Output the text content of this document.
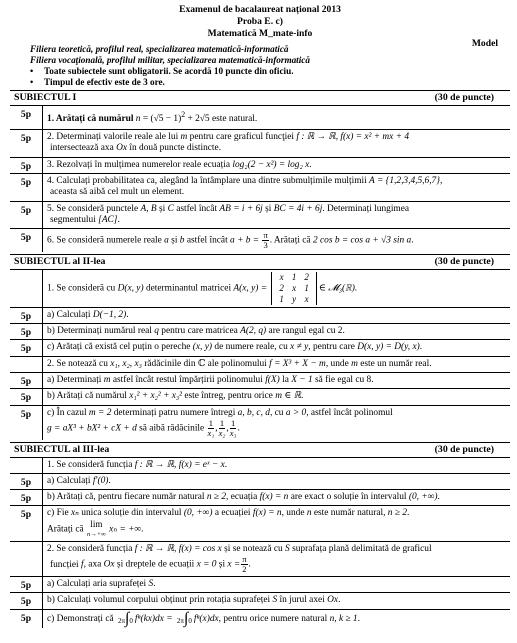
Examenul de bacalaureat național 2013
Proba E. c)
Matematică M_mate-info
Model
Filiera teoretică, profilul real, specializarea matematică-informatică
Filiera vocaţională, profilul militar, specializarea matematică-informatică
• Toate subiectele sunt obligatorii. Se acordă 10 puncte din oficiu.
• Timpul de efectiv este de 3 ore.
SUBIECTUL I	(30 de puncte)
5p	1. Arătați că numărul $n = (√5 - 1)^2 + 2√5$ este natural.
5p	2. Determinați valorile reale ale lui m pentru care graficul funcţiei f : ℝ → ℝ, f(x) = x² + mx + 4
intersectează axa Ox în două puncte distincte.
5p	3. Rezolvați în mulțimea numerelor reale ecuația log₂(2 − x²) = log₂ x.
5p	4. Calculați probabilitatea ca, alegând la întâmplare una dintre submulțimile mulțimii A = {1,2,3,4,5,6,7},
aceasta să aibă cel mult un element.
5p	5. Se consideră punctele A, B și C astfel încât AB = i + 6j și BC = 4i + 6j. Determinați lungimea
segmentului [AC].
5p	6. Se consideră numerele reale a și b astfel încât $a + b = \frac{\pi}{3}$ . Arătați că 2 cos b = cos a + √3 sin a.
SUBIECTUL al II-lea	(30 de puncte)
1. Se consideră cu D(x, y) determinantul matricei A(x, y) =
x	1	2
2	x	1
1	y	x
∈ 𝓜₃(ℝ).
5p	a) Calculați D(−1, 2).
5p	b) Determinați numărul real q pentru care matricea A(2, q) are rangul egal cu 2.
5p	c) Arătați că există cel puțin o pereche (x, y) de numere reale, cu x ≠ y, pentru care D(x, y) = D(y, x).
2. Se notează cu x₁, x₂, x₃ rădăcinile din ℂ ale polinomului f = X³ + X − m, unde m este un număr real.
5p	a) Determinați m astfel încât restul împărțirii polinomului f(X) la X − 1 să fie egal cu 8.
5p	b) Arătați că numărul x₁² + x₂² + x₃² este întreg, pentru orice m ∈ ℝ.
5p	c) În cazul m = 2 determinați patru numere întregi a, b, c, d, cu a > 0, astfel încât polinomul
g = aX³ + bX² + cX + d să aibă rădăcinile $\frac{1}{\text{x₁}}$, $\frac{1}{\text{x₂}}$, $\frac{1}{\text{x₃}}$.
SUBIECTUL al III-lea	(30 de puncte)
1. Se consideră funcția f : ℝ → ℝ, f(x) = eˣ − x.
5p	a) Calculați f′(0).
5p	b) Arătați că, pentru fiecare număr natural n ≥ 2, ecuația f(x) = n are exact o soluție în intervalul (0, +∞).
5p	c) Fie xₙ unica soluție din intervalul (0, +∞) a ecuației f(x) = n, unde n este număr natural, n ≥ 2.
Arătați că
lim
n→+∞ xₙ = +∞.
2. Se consideră funcția f : ℝ → ℝ, f(x) = cos x și se notează cu S suprafața plană delimitată de graficul
funcției f, axa Ox și dreptele de ecuații x = 0 și $x = \frac{\pi}{2}$ .
5p	a) Calculați aria suprafeței S.
5p	b) Calculați volumul corpului obținut prin rotația suprafeței S în jurul axei Ox.
5p	c) Demonstrați că 2π∫0 fⁿ(kx)dx = 2π∫0 fⁿ(x)dx, pentru orice numere natural n, k ≥ 1.
